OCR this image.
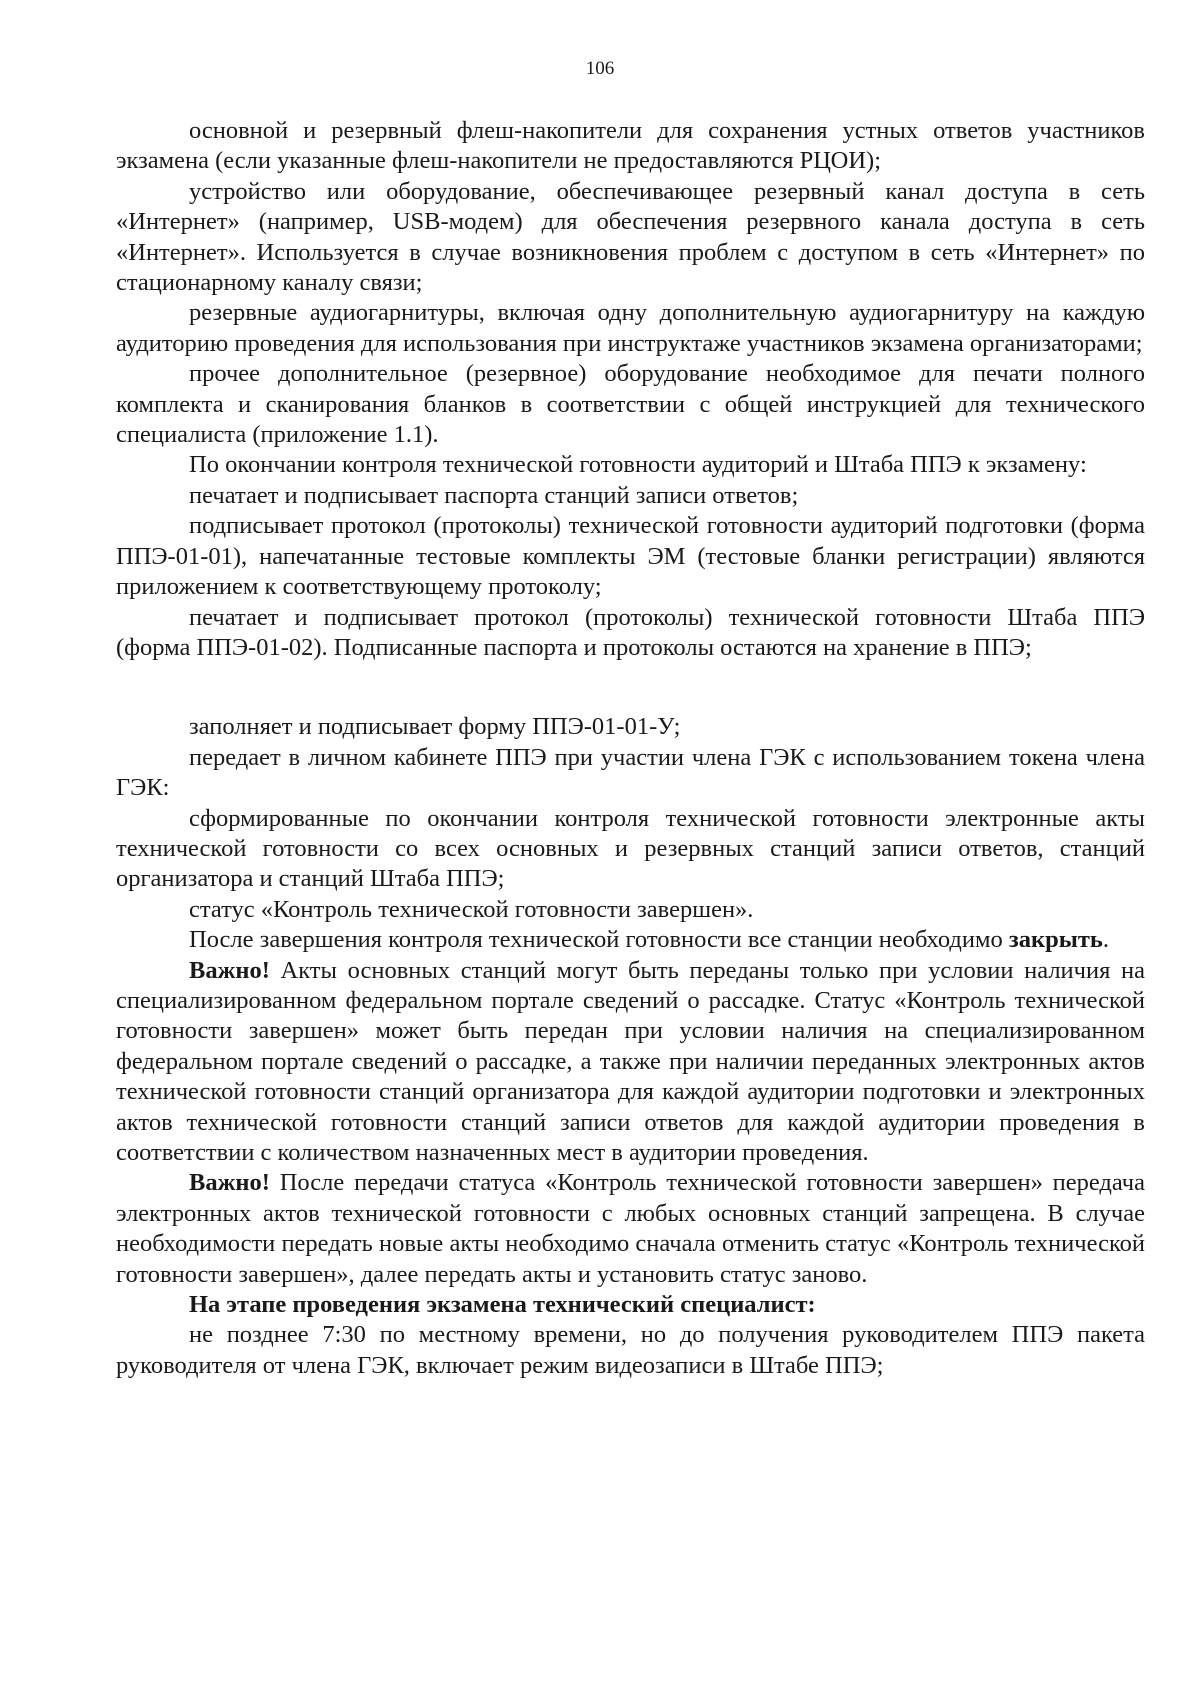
106

основной и резервный флеш-накопители для сохранения устных ответов участников экзамена (если указанные флеш-накопители не предоставляются РЦОИ);

устройство или оборудование, обеспечивающее резервный канал доступа в сеть «Интернет» (например, USB-модем) для обеспечения резервного канала доступа в сеть «Интернет». Используется в случае возникновения проблем с доступом в сеть «Интернет» по стационарному каналу связи;

резервные аудиогарнитуры, включая одну дополнительную аудиогарнитуру на каждую аудиторию проведения для использования при инструктаже участников экзамена организаторами;

прочее дополнительное (резервное) оборудование необходимое для печати полного комплекта и сканирования бланков в соответствии с общей инструкцией для технического специалиста (приложение 1.1).

По окончании контроля технической готовности аудиторий и Штаба ППЭ к экзамену:

печатает и подписывает паспорта станций записи ответов;

подписывает протокол (протоколы) технической готовности аудиторий подготовки (форма ППЭ-01-01), напечатанные тестовые комплекты ЭМ (тестовые бланки регистрации) являются приложением к соответствующему протоколу;

печатает и подписывает протокол (протоколы) технической готовности Штаба ППЭ (форма ППЭ-01-02). Подписанные паспорта и протоколы остаются на хранение в ППЭ;

заполняет и подписывает форму ППЭ-01-01-У;

передает в личном кабинете ППЭ при участии члена ГЭК с использованием токена члена ГЭК:

сформированные по окончании контроля технической готовности электронные акты технической готовности со всех основных и резервных станций записи ответов, станций организатора и станций Штаба ППЭ;

статус «Контроль технической готовности завершен».

После завершения контроля технической готовности все станции необходимо закрыть.

Важно! Акты основных станций могут быть переданы только при условии наличия на специализированном федеральном портале сведений о рассадке. Статус «Контроль технической готовности завершен» может быть передан при условии наличия на специализированном федеральном портале сведений о рассадке, а также при наличии переданных электронных актов технической готовности станций организатора для каждой аудитории подготовки и электронных актов технической готовности станций записи ответов для каждой аудитории проведения в соответствии с количеством назначенных мест в аудитории проведения.

Важно! После передачи статуса «Контроль технической готовности завершен» передача электронных актов технической готовности с любых основных станций запрещена. В случае необходимости передать новые акты необходимо сначала отменить статус «Контроль технической готовности завершен», далее передать акты и установить статус заново.

На этапе проведения экзамена технический специалист:

не позднее 7:30 по местному времени, но до получения руководителем ППЭ пакета руководителя от члена ГЭК, включает режим видеозаписи в Штабе ППЭ;
